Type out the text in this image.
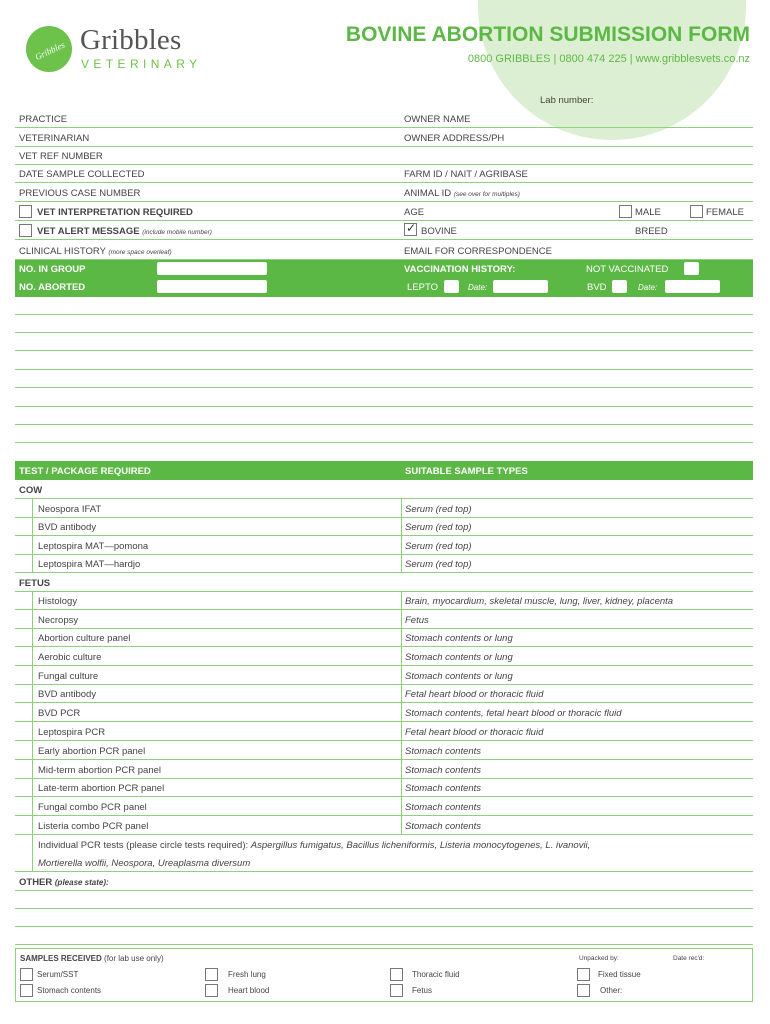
Gribbles Gribbles
VETERINARY
BOVINE ABORTION SUBMISSION FORM
0800 GRIBBLES | 0800 474 225 | www.gribblesvets.co.nz
Lab number:
PRACTICE	OWNER NAME
VETERINARIAN	OWNER ADDRESS/PH
VET REF NUMBER
DATE SAMPLE COLLECTED	FARM ID / NAIT / AGRIBASE
PREVIOUS CASE NUMBER	ANIMAL ID (see over for multiples)
VET INTERPRETATION REQUIRED	AGE	MALE	FEMALE
VET ALERT MESSAGE (include mobile number)
✓	BOVINE	BREED
CLINICAL HISTORY (more space overleaf)	EMAIL FOR CORRESPONDENCE
NO. IN GROUP	VACCINATION HISTORY:	NOT VACCINATED
NO. ABORTED	LEPTO	Date:	BVD	Date:
TEST / PACKAGE REQUIRED	SUITABLE SAMPLE TYPES
COW
Neospora IFAT	Serum (red top)
BVD antibody	Serum (red top)
Leptospira MAT—pomona	Serum (red top)
Leptospira MAT—hardjo	Serum (red top)
FETUS
Histology	Brain, myocardium, skeletal muscle, lung, liver, kidney, placenta
Necropsy	Fetus
Abortion culture panel	Stomach contents or lung
Aerobic culture	Stomach contents or lung
Fungal culture	Stomach contents or lung
BVD antibody	Fetal heart blood or thoracic fluid
BVD PCR	Stomach contents, fetal heart blood or thoracic fluid
Leptospira PCR	Fetal heart blood or thoracic fluid
Early abortion PCR panel	Stomach contents
Mid-term abortion PCR panel	Stomach contents
Late-term abortion PCR panel	Stomach contents
Fungal combo PCR panel	Stomach contents
Listeria combo PCR panel	Stomach contents
Individual PCR tests (please circle tests required): Aspergillus fumigatus, Bacillus licheniformis, Listeria monocytogenes, L. ivanovii,
Mortierella wolfii, Neospora, Ureaplasma diversum
OTHER (please state):
SAMPLES RECEIVED (for lab use only)	Unpacked by:	Date rec'd:
Serum/SST	Fresh lung	Thoracic fluid	Fixed tissue
Stomach contents	Heart blood	Fetus	Other:
